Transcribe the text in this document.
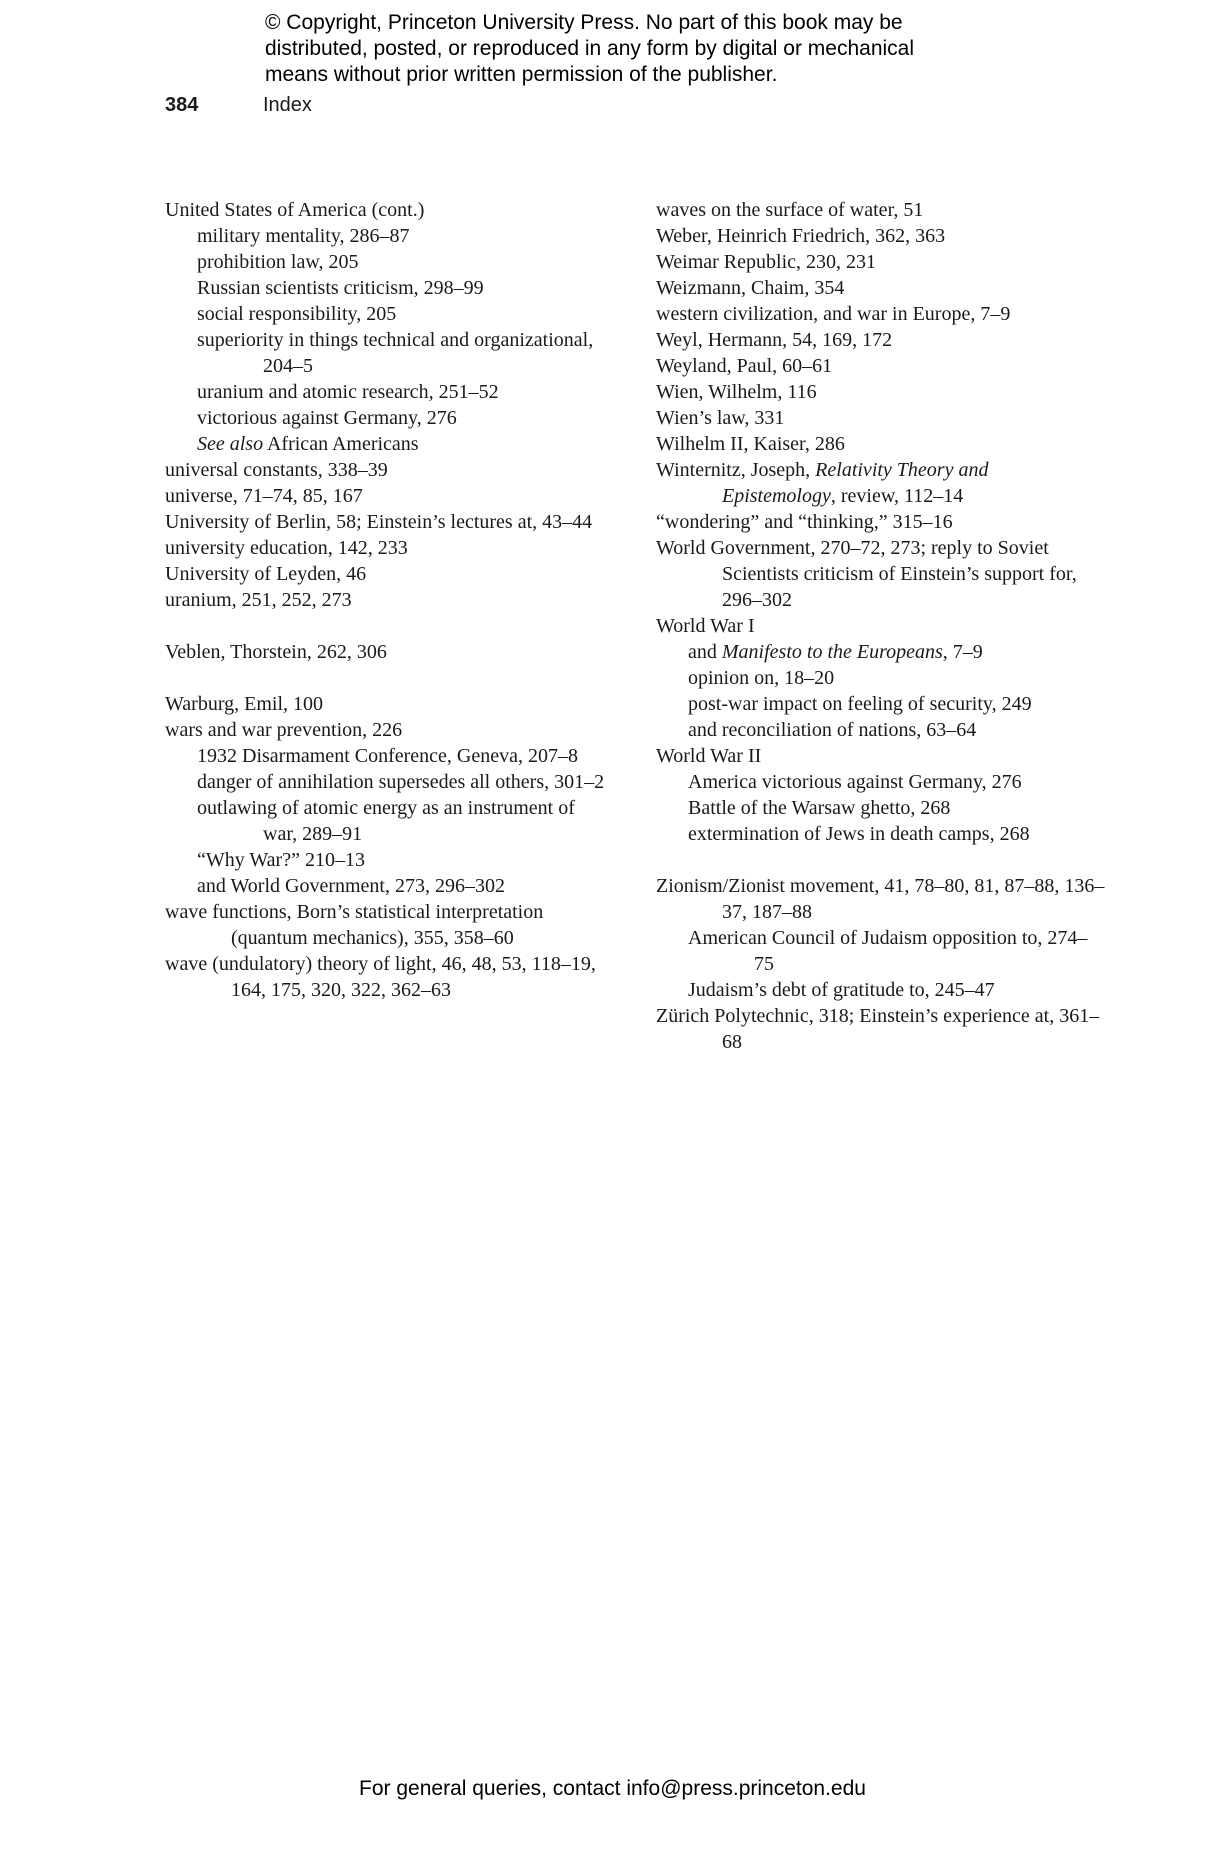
© Copyright, Princeton University Press. No part of this book may be
distributed, posted, or reproduced in any form by digital or mechanical
means without prior written permission of the publisher.
384	Index
United States of America (cont.)
military mentality, 286–87
prohibition law, 205
Russian scientists criticism, 298–99
social responsibility, 205
superiority in things technical and organizational, 204–5
uranium and atomic research, 251–52
victorious against Germany, 276
See also African Americans
universal constants, 338–39
universe, 71–74, 85, 167
University of Berlin, 58; Einstein’s lectures at, 43–44
university education, 142, 233
University of Leyden, 46
uranium, 251, 252, 273
Veblen, Thorstein, 262, 306
Warburg, Emil, 100
wars and war prevention, 226
1932 Disarmament Conference, Geneva, 207–8
danger of annihilation supersedes all others, 301–2
outlawing of atomic energy as an instrument of war, 289–91
“Why War?” 210–13
and World Government, 273, 296–302
wave functions, Born’s statistical interpretation (quantum mechanics), 355, 358–60
wave (undulatory) theory of light, 46, 48, 53, 118–19, 164, 175, 320, 322, 362–63
waves on the surface of water, 51
Weber, Heinrich Friedrich, 362, 363
Weimar Republic, 230, 231
Weizmann, Chaim, 354
western civilization, and war in Europe, 7–9
Weyl, Hermann, 54, 169, 172
Weyland, Paul, 60–61
Wien, Wilhelm, 116
Wien’s law, 331
Wilhelm II, Kaiser, 286
Winternitz, Joseph, Relativity Theory and Epistemology, review, 112–14
“wondering” and “thinking,” 315–16
World Government, 270–72, 273; reply to Soviet Scientists criticism of Einstein’s support for, 296–302
World War I
and Manifesto to the Europeans, 7–9
opinion on, 18–20
post-war impact on feeling of security, 249
and reconciliation of nations, 63–64
World War II
America victorious against Germany, 276
Battle of the Warsaw ghetto, 268
extermination of Jews in death camps, 268
Zionism/Zionist movement, 41, 78–80, 81, 87–88, 136–37, 187–88
American Council of Judaism opposition to, 274–75
Judaism’s debt of gratitude to, 245–47
Zürich Polytechnic, 318; Einstein’s experience at, 361–68
For general queries, contact info@press.princeton.edu
